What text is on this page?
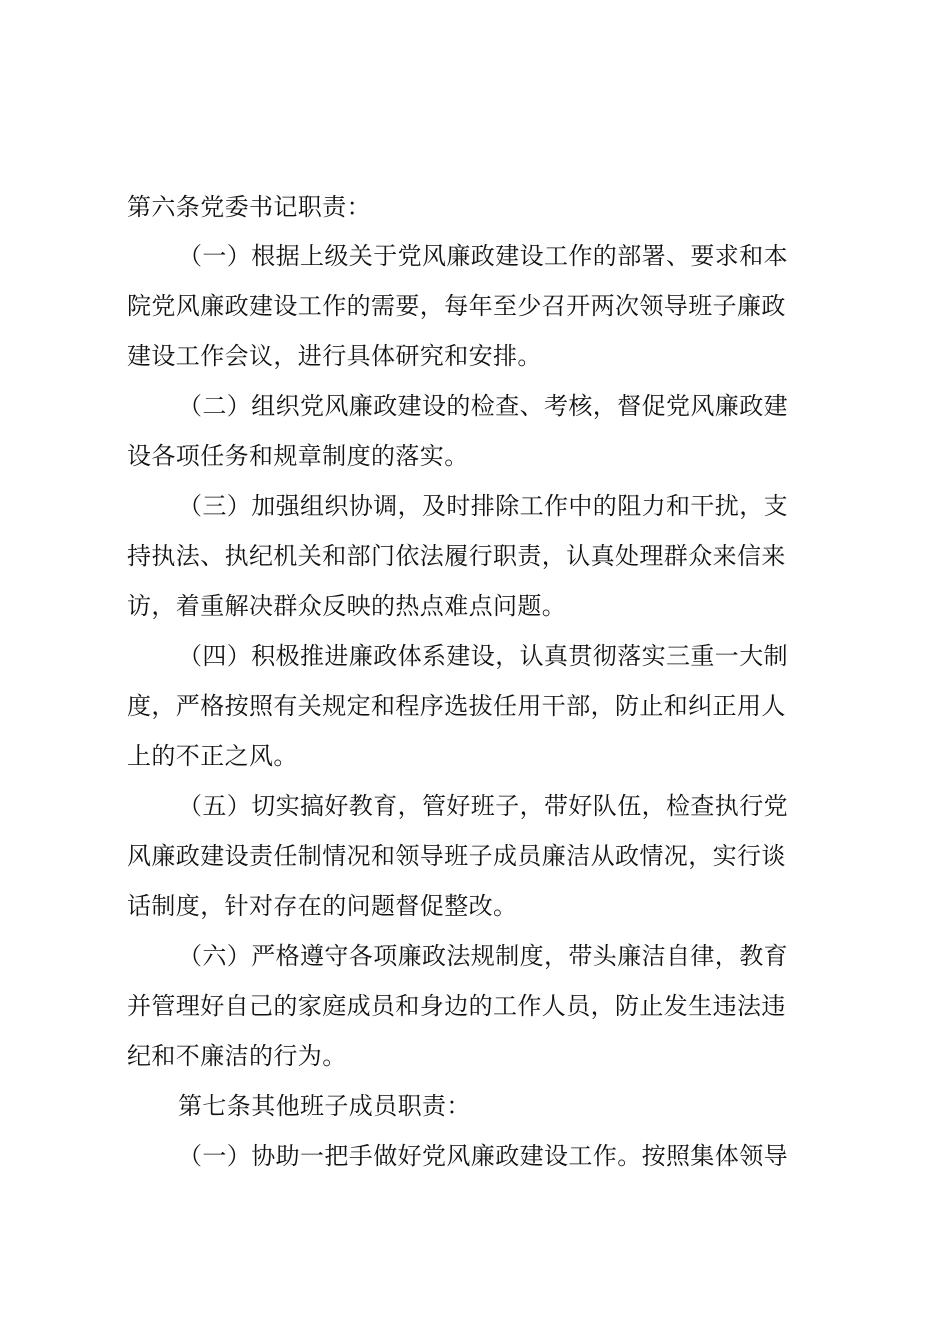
第六条党委书记职责：
（一）根据上级关于党风廉政建设工作的部署、要求和本
院党风廉政建设工作的需要，每年至少召开两次领导班子廉政
建设工作会议，进行具体研究和安排。
（二）组织党风廉政建设的检查、考核，督促党风廉政建
设各项任务和规章制度的落实。
（三）加强组织协调，及时排除工作中的阻力和干扰，支
持执法、执纪机关和部门依法履行职责，认真处理群众来信来
访，着重解决群众反映的热点难点问题。
（四）积极推进廉政体系建设，认真贯彻落实三重一大制
度，严格按照有关规定和程序选拔任用干部，防止和纠正用人
上的不正之风。
（五）切实搞好教育，管好班子，带好队伍，检查执行党
风廉政建设责任制情况和领导班子成员廉洁从政情况，实行谈
话制度，针对存在的问题督促整改。
（六）严格遵守各项廉政法规制度，带头廉洁自律，教育
并管理好自己的家庭成员和身边的工作人员，防止发生违法违
纪和不廉洁的行为。
第七条其他班子成员职责：
（一）协助一把手做好党风廉政建设工作。按照集体领导
